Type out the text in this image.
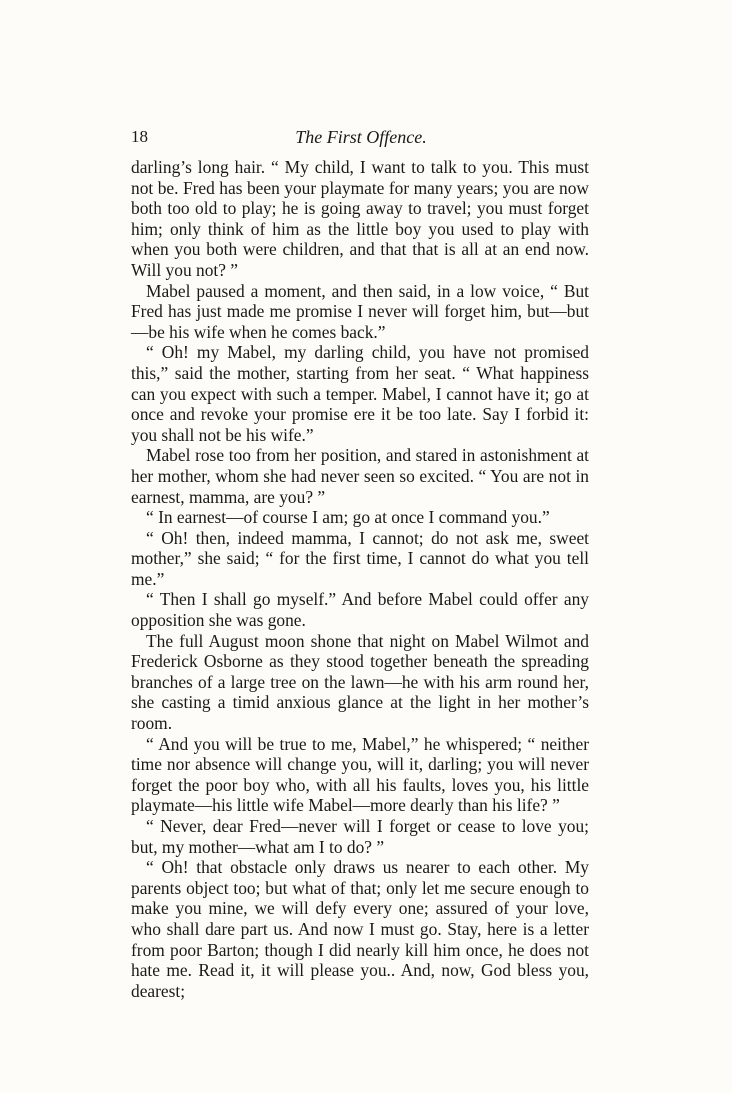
18	The First Offence.

darling’s long hair. “ My child, I want to talk to you. This must not be. Fred has been your playmate for many years; you are now both too old to play; he is going away to travel; you must forget him; only think of him as the little boy you used to play with when you both were children, and that that is all at an end now. Will you not? ”

Mabel paused a moment, and then said, in a low voice, “ But Fred has just made me promise I never will forget him, but—but—be his wife when he comes back.”

“ Oh! my Mabel, my darling child, you have not promised this,” said the mother, starting from her seat. “ What happiness can you expect with such a temper. Mabel, I cannot have it; go at once and revoke your promise ere it be too late. Say I forbid it: you shall not be his wife.”

Mabel rose too from her position, and stared in astonishment at her mother, whom she had never seen so excited. “ You are not in earnest, mamma, are you? ”

“ In earnest—of course I am; go at once I command you.”

“ Oh! then, indeed mamma, I cannot; do not ask me, sweet mother,” she said; “ for the first time, I cannot do what you tell me.”

“ Then I shall go myself.” And before Mabel could offer any opposition she was gone.

The full August moon shone that night on Mabel Wilmot and Frederick Osborne as they stood together beneath the spreading branches of a large tree on the lawn—he with his arm round her, she casting a timid anxious glance at the light in her mother’s room.

“ And you will be true to me, Mabel,” he whispered; “ neither time nor absence will change you, will it, darling; you will never forget the poor boy who, with all his faults, loves you, his little playmate—his little wife Mabel—more dearly than his life? ”

“ Never, dear Fred—never will I forget or cease to love you; but, my mother—what am I to do? ”

“ Oh! that obstacle only draws us nearer to each other. My parents object too; but what of that; only let me secure enough to make you mine, we will defy every one; assured of your love, who shall dare part us. And now I must go. Stay, here is a letter from poor Barton; though I did nearly kill him once, he does not hate me. Read it, it will please you.. And, now, God bless you, dearest;
